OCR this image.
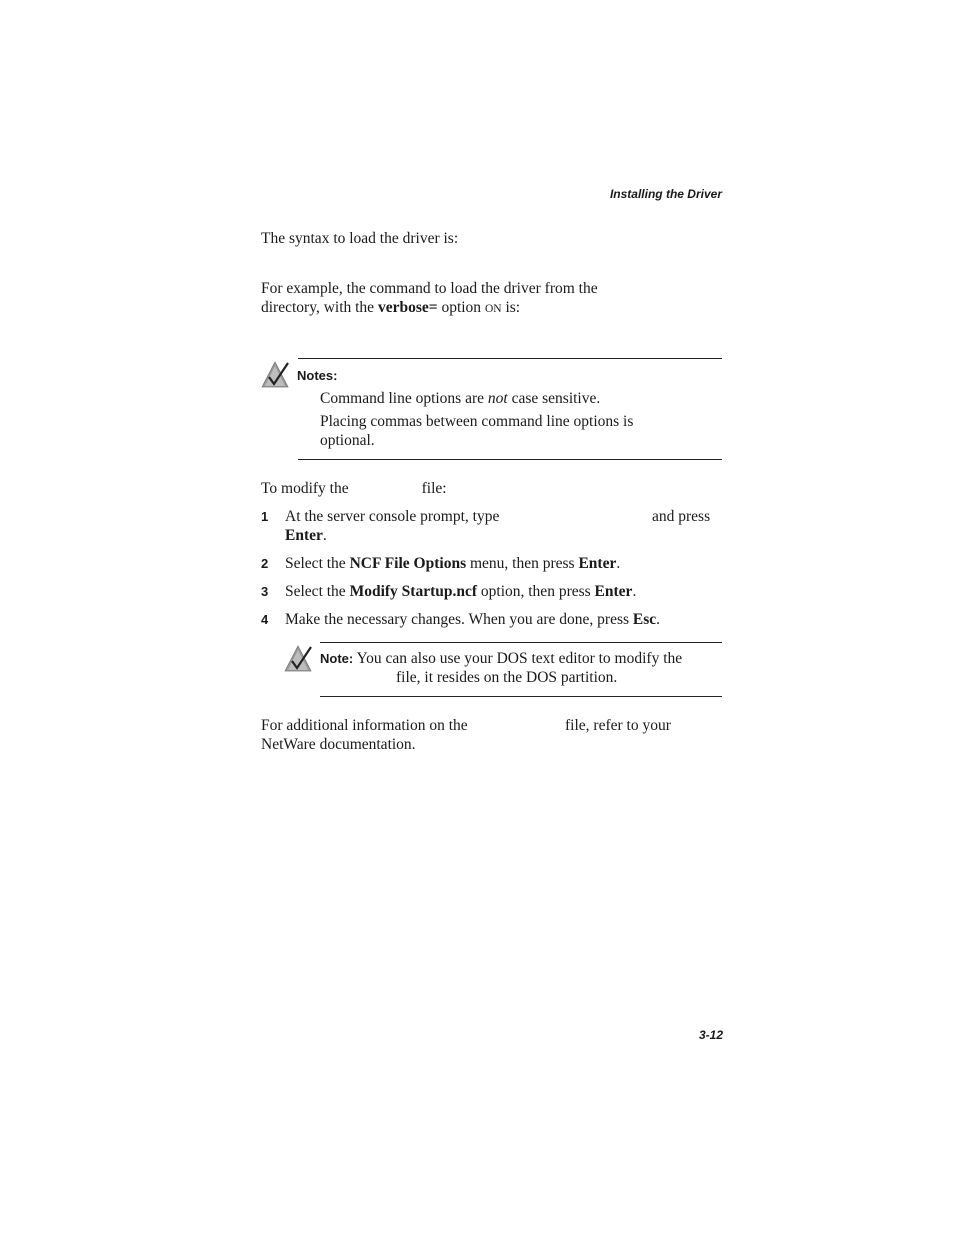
Installing the Driver
The syntax to load the driver is:
For example, the command to load the driver from the
directory, with the verbose= option ON is:
Notes:
Command line options are not case sensitive.
Placing commas between command line options is
optional.
To modify the	file:
1 At the server console prompt, type	and press
Enter.
2 Select the NCF File Options menu, then press Enter.
3 Select the Modify Startup.ncf option, then press Enter.
4 Make the necessary changes. When you are done, press Esc.
Note: You can also use your DOS text editor to modify the
file, it resides on the DOS partition.
For additional information on the	file, refer to your
NetWare documentation.
3-12
